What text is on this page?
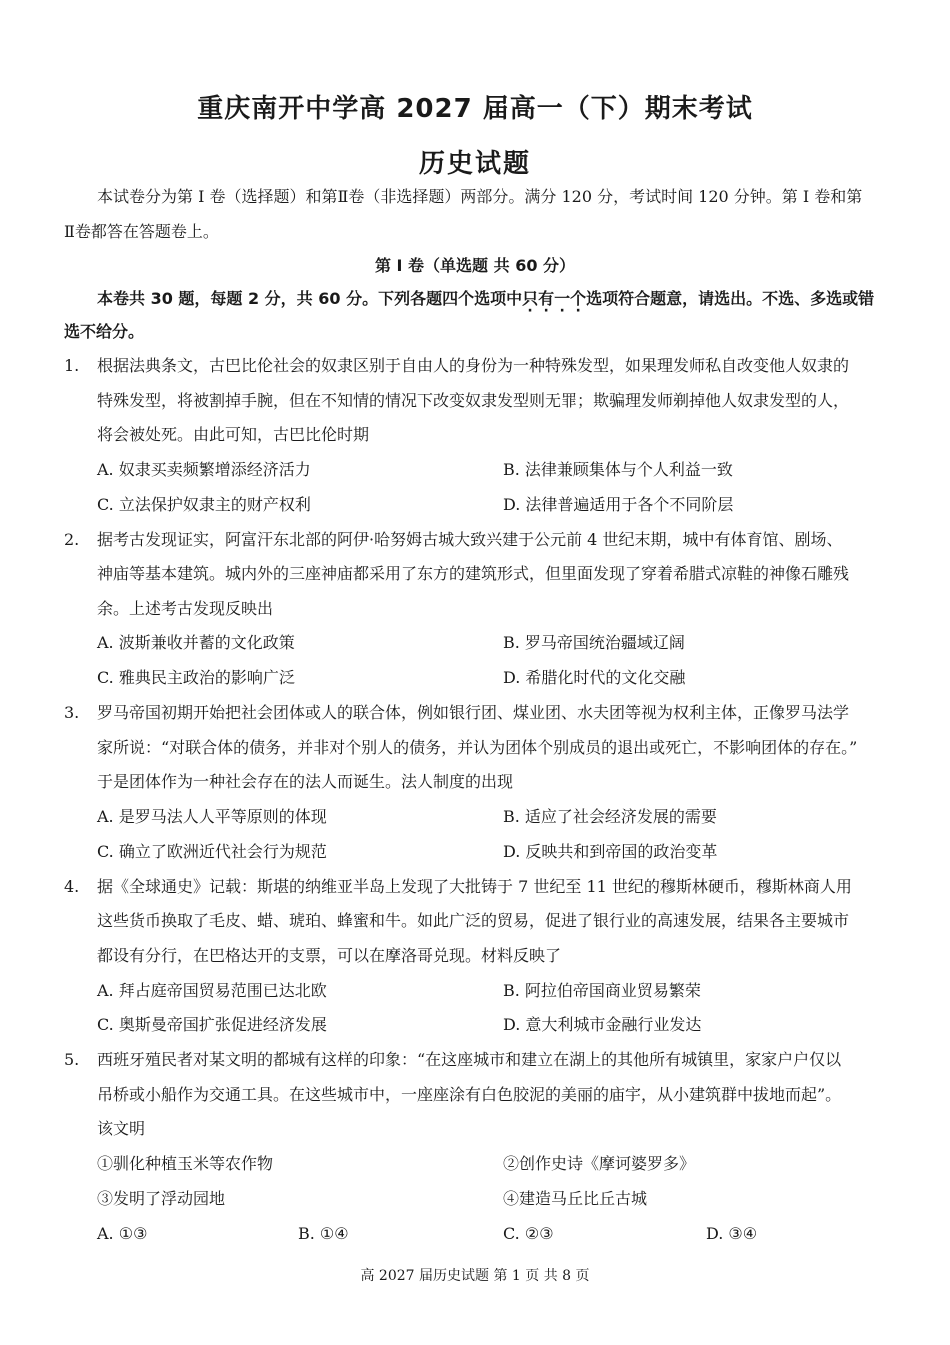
重庆南开中学高 2027 届高一（下）期末考试
历史试题

本试卷分为第 I 卷（选择题）和第Ⅱ卷（非选择题）两部分。满分 120 分，考试时间 120 分钟。第 I 卷和第

Ⅱ卷都答在答题卷上。

第 Ⅰ 卷（单选题 共 60 分）

本卷共 30 题，每题 2 分，共 60 分。下列各题四个选项中只有一个选项符合题意，请选出。不选、多选或错

选不给分。

1. 根据法典条文，古巴比伦社会的奴隶区别于自由人的身份为一种特殊发型，如果理发师私自改变他人奴隶的

特殊发型，将被割掉手腕，但在不知情的情况下改变奴隶发型则无罪；欺骗理发师剃掉他人奴隶发型的人，

将会被处死。由此可知，古巴比伦时期

A. 奴隶买卖频繁增添经济活力	B. 法律兼顾集体与个人利益一致
C. 立法保护奴隶主的财产权利	D. 法律普遍适用于各个不同阶层
2. 据考古发现证实，阿富汗东北部的阿伊·哈努姆古城大致兴建于公元前 4 世纪末期，城中有体育馆、剧场、

神庙等基本建筑。城内外的三座神庙都采用了东方的建筑形式，但里面发现了穿着希腊式凉鞋的神像石雕残

余。上述考古发现反映出

A. 波斯兼收并蓄的文化政策	B. 罗马帝国统治疆域辽阔
C. 雅典民主政治的影响广泛	D. 希腊化时代的文化交融
3. 罗马帝国初期开始把社会团体或人的联合体，例如银行团、煤业团、水夫团等视为权利主体，正像罗马法学

家所说：“对联合体的债务，并非对个别人的债务，并认为团体个别成员的退出或死亡，不影响团体的存在。”

于是团体作为一种社会存在的法人而诞生。法人制度的出现

A. 是罗马法人人平等原则的体现	B. 适应了社会经济发展的需要
C. 确立了欧洲近代社会行为规范	D. 反映共和到帝国的政治变革
4. 据《全球通史》记载：斯堪的纳维亚半岛上发现了大批铸于 7 世纪至 11 世纪的穆斯林硬币，穆斯林商人用

这些货币换取了毛皮、蜡、琥珀、蜂蜜和牛。如此广泛的贸易，促进了银行业的高速发展，结果各主要城市

都设有分行，在巴格达开的支票，可以在摩洛哥兑现。材料反映了

A. 拜占庭帝国贸易范围已达北欧	B. 阿拉伯帝国商业贸易繁荣
C. 奥斯曼帝国扩张促进经济发展	D. 意大利城市金融行业发达
5. 西班牙殖民者对某文明的都城有这样的印象：“在这座城市和建立在湖上的其他所有城镇里，家家户户仅以

吊桥或小船作为交通工具。在这些城市中，一座座涂有白色胶泥的美丽的庙宇，从小建筑群中拔地而起”。

该文明

①驯化种植玉米等农作物	②创作史诗《摩诃婆罗多》
③发明了浮动园地	④建造马丘比丘古城
A. ①③	B. ①④	C. ②③	D. ③④

高 2027 届历史试题 第 1 页 共 8 页
